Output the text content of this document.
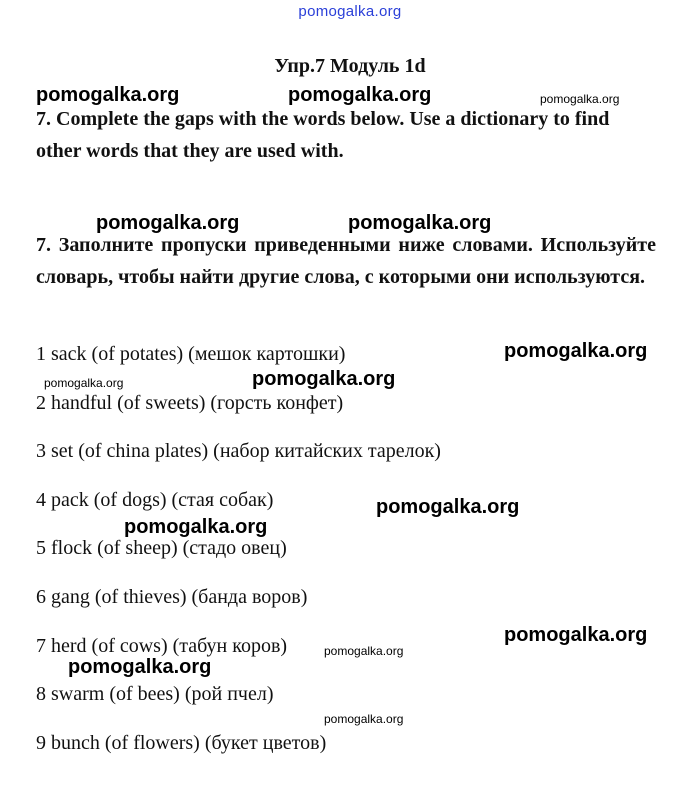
pomogalka.org
Упр.7 Модуль 1d

7. Complete the gaps with the words below. Use a dictionary to find other words that they are used with.

7. Заполните пропуски приведенными ниже словами. Используйте словарь, чтобы найти другие слова, с которыми они используются.

1 sack (of potates) (мешок картошки)
2 handful (of sweets) (горсть конфет)
3 set (of china plates) (набор китайских тарелок)
4 pack (of dogs) (стая собак)
5 flock (of sheep) (стадо овец)
6 gang (of thieves) (банда воров)
7 herd (of cows) (табун коров)
8 swarm (of bees) (рой пчел)
9 bunch (of flowers) (букет цветов)
pomogalka.org	pomogalka.org	pomogalka.org
pomogalka.org	pomogalka.org
pomogalka.org
pomogalka.org
pomogalka.org
pomogalka.org
pomogalka.org
pomogalka.org
pomogalka.org
pomogalka.org
pomogalka.org
